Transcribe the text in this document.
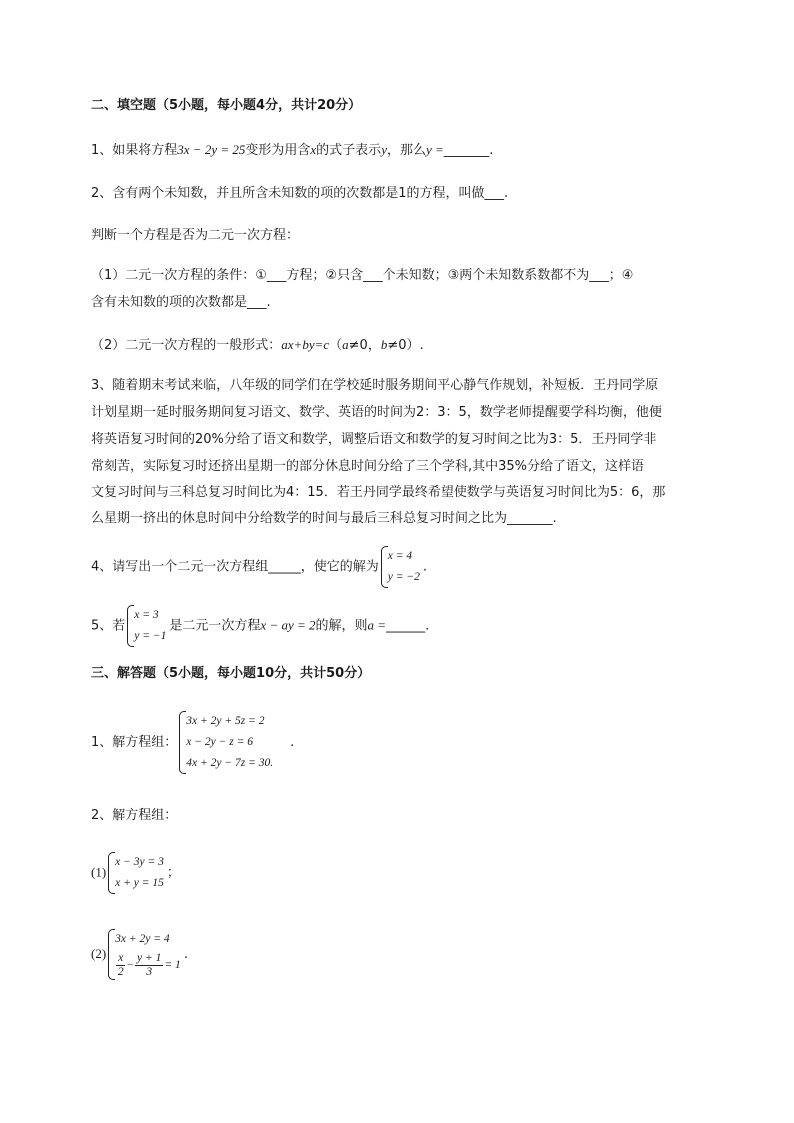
二、填空题（5小题，每小题4分，共计20分）
1、如果将方程3x − 2y = 25变形为用含x的式子表示y，那么y =_______.
2、含有两个未知数，并且所含未知数的项的次数都是1的方程，叫做___.
判断一个方程是否为二元一次方程：
（1）二元一次方程的条件：①___方程；②只含___个未知数；③两个未知数系数都不为___；④
含有未知数的项的次数都是___.
（2）二元一次方程的一般形式：ax+by=c（a≠0，b≠0）.
3、随着期末考试来临，八年级的同学们在学校延时服务期间平心静气作规划，补短板．王丹同学原
计划星期一延时服务期间复习语文、数学、英语的时间为2：3：5，数学老师提醒要学科均衡，他便
将英语复习时间的20%分给了语文和数学，调整后语文和数学的复习时间之比为3：5．王丹同学非
常刻苦，实际复习时还挤出星期一的部分休息时间分给了三个学科,其中35%分给了语文，这样语
文复习时间与三科总复习时间比为4：15．若王丹同学最终希望使数学与英语复习时间比为5：6，那
么星期一挤出的休息时间中分给数学的时间与最后三科总复习时间之比为_______.
4、请写出一个二元一次方程组_____，使它的解为
x = 4
y = −2
.
5、若
x = 3
y = −1
是二元一次方程x − ay = 2的解，则a =______.
三、解答题（5小题，每小题10分，共计50分）
1、解方程组：
3x + 2y + 5z = 2
x − 2y − z = 6
4x + 2y − 7z = 30.
.
2、解方程组：
(1)
x − 3y = 3
x + y = 15
；
(2)
3x + 2y = 4
$\frac{x}{2} - \frac{y + 1}{3} = 1$
.
